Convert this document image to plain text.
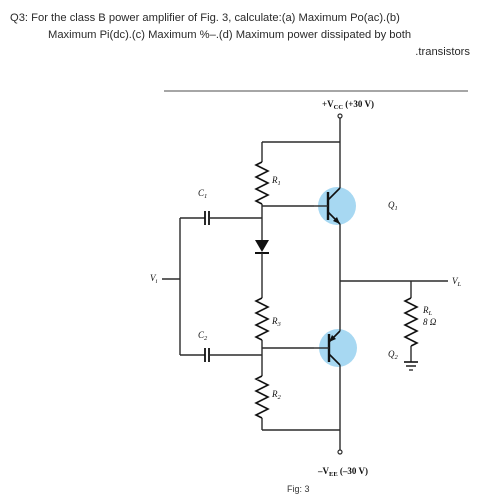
Q3: For the class B power amplifier of Fig. 3, calculate:(a) Maximum Po(ac).(b)
Maximum Pi(dc).(c) Maximum %–.(d) Maximum power dissipated by both
.transistors
$+V_{CC}$ (+30 V)
$Q_1$
$Q_2$
$-V_{EE}$ (–30 V)
$V_L$
$R_L$
8 Ω
$V_i$
$C_1$
$C_2$
$R_1$
$R_3$
$R_2$
Fig: 3
